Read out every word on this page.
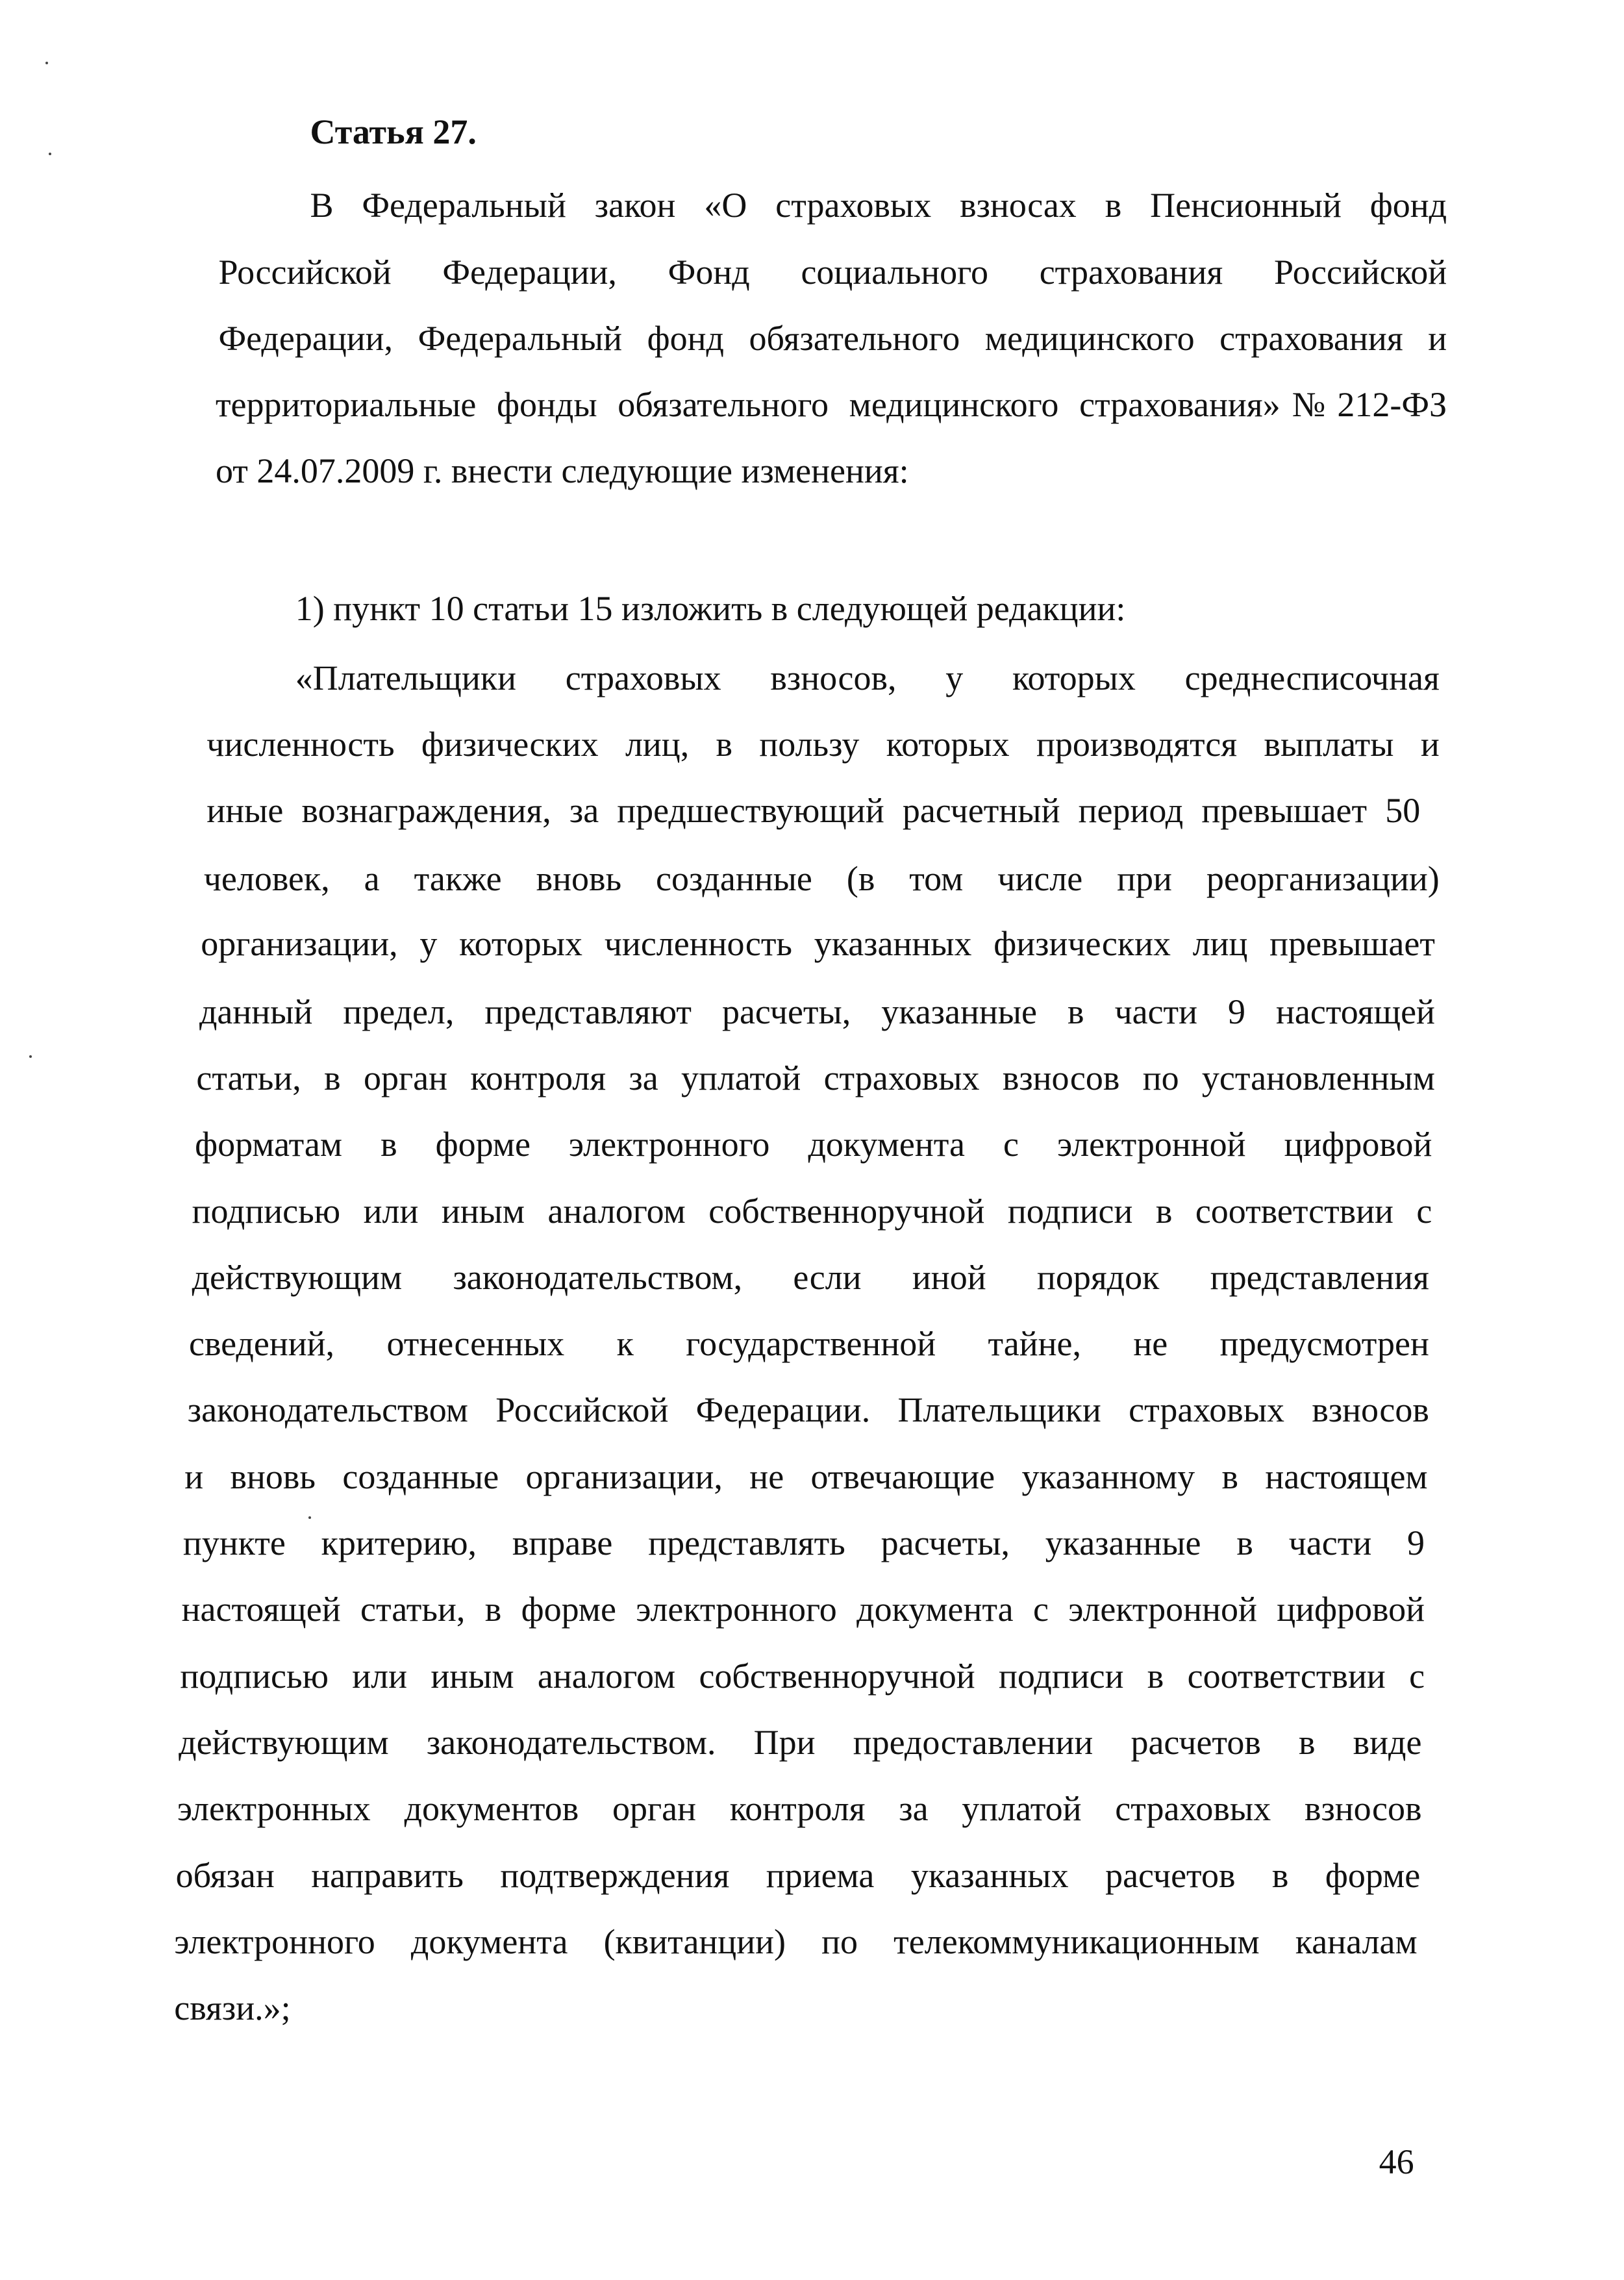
Статья 27.
В Федеральный закон «О страховых взносах в Пенсионный фонд
Российской Федерации, Фонд социального страхования Российской
Федерации, Федеральный фонд обязательного медицинского страхования и
территориальные фонды обязательного медицинского страхования»№212-ФЗ
от 24.07.2009 г. внести следующие изменения:
1) пункт 10 статьи 15 изложить в следующей редакции:
«Плательщики страховых взносов, у которых среднесписочная
численность физических лиц, в пользу которых производятся выплаты и
иные вознаграждения, за предшествующий расчетный период превышает 50
человек, а также вновь созданные (в том числе при реорганизации)
организации, у которых численность указанных физических лиц превышает
данный предел, представляют расчеты, указанные в части 9 настоящей
статьи, в орган контроля за уплатой страховых взносов по установленным
форматам в форме электронного документа с электронной цифровой
подписью или иным аналогом собственноручной подписи в соответствии с
действующим законодательством, если иной порядок представления
сведений, отнесенных к государственной тайне, не предусмотрен
законодательством Российской Федерации. Плательщики страховых взносов
и вновь созданные организации, не отвечающие указанному в настоящем
пункте критерию, вправе представлять расчеты, указанные в части 9
настоящей статьи, в форме электронного документа с электронной цифровой
подписью или иным аналогом собственноручной подписи в соответствии с
действующим законодательством. При предоставлении расчетов в виде
электронных документов орган контроля за уплатой страховых взносов
обязан направить подтверждения приема указанных расчетов в форме
электронного документа (квитанции) по телекоммуникационным каналам
связи.»;
46
